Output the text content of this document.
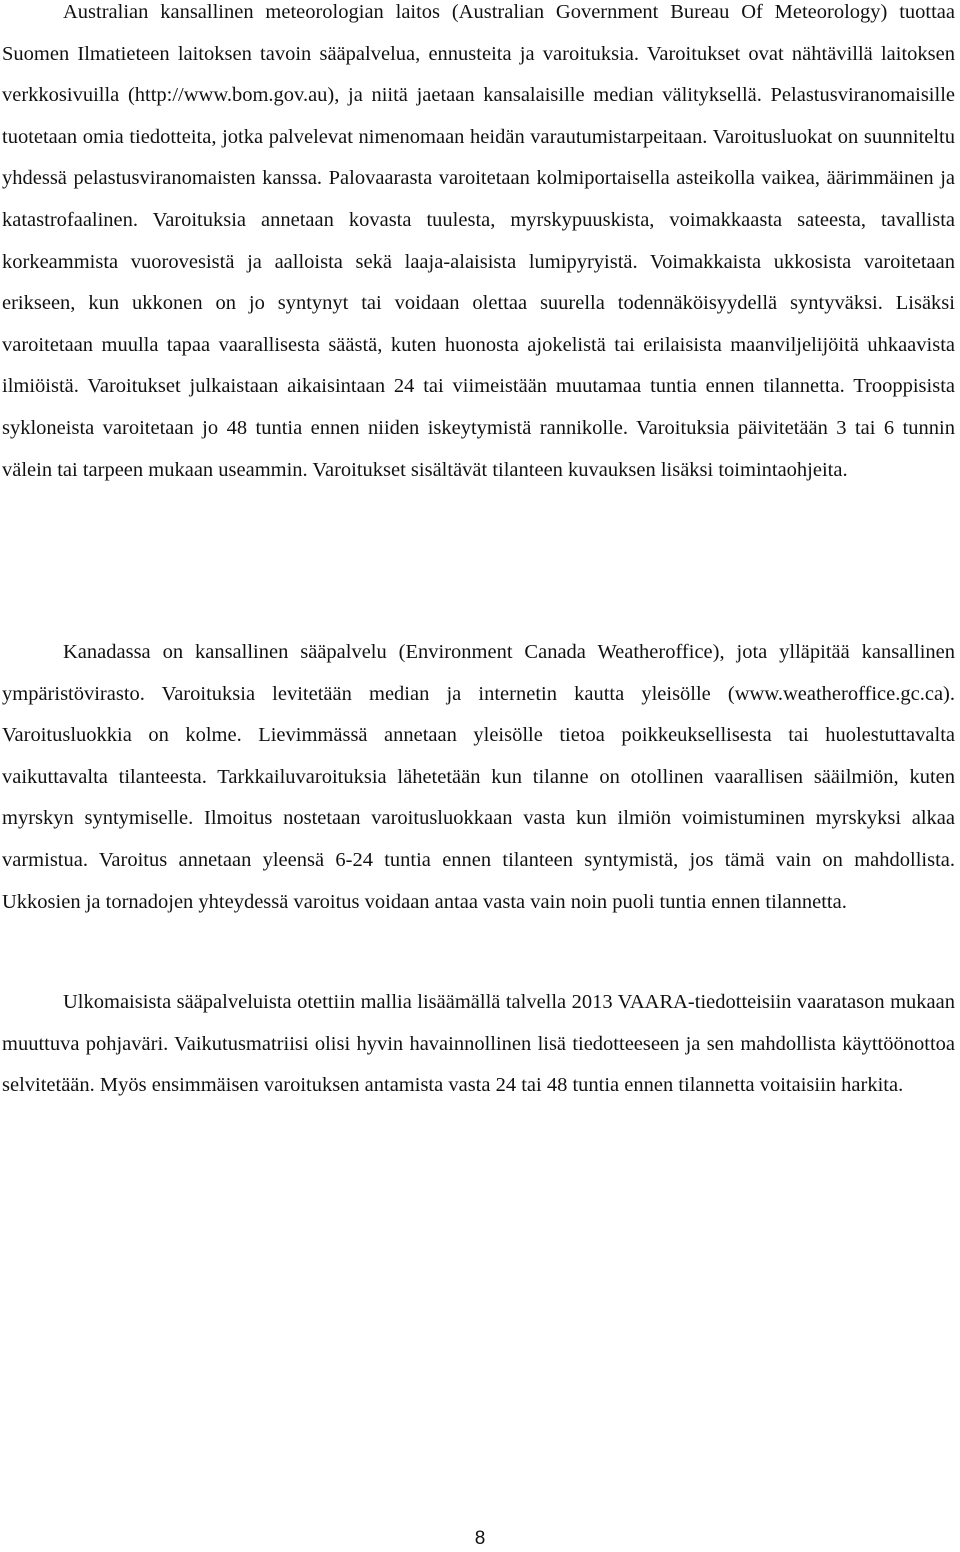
Australian kansallinen meteorologian laitos (Australian Government Bureau Of Meteorology) tuottaa Suomen Ilmatieteen laitoksen tavoin sääpalvelua, ennusteita ja varoituksia. Varoitukset ovat nähtävillä laitoksen verkkosivuilla (http://www.bom.gov.au), ja niitä jaetaan kansalaisille median välityksellä. Pelastusviranomaisille tuotetaan omia tiedotteita, jotka palvelevat nimenomaan heidän varautumistarpeitaan. Varoitusluokat on suunniteltu yhdessä pelastusviranomaisten kanssa. Palovaarasta varoitetaan kolmiportaisella asteikolla vaikea, äärimmäinen ja katastrofaalinen. Varoituksia annetaan kovasta tuulesta, myrskypuuskista, voimakkaasta sateesta, tavallista korkeammista vuorovesistä ja aalloista sekä laaja-alaisista lumipyryistä. Voimakkaista ukkosista varoitetaan erikseen, kun ukkonen on jo syntynyt tai voidaan olettaa suurella todennäköisyydellä syntyväksi. Lisäksi varoitetaan muulla tapaa vaarallisesta säästä, kuten huonosta ajokelistä tai erilaisista maanviljelijöitä uhkaavista ilmiöistä. Varoitukset julkaistaan aikaisintaan 24 tai viimeistään muutamaa tuntia ennen tilannetta. Trooppisista sykloneista varoitetaan jo 48 tuntia ennen niiden iskeytymistä rannikolle. Varoituksia päivitetään 3 tai 6 tunnin välein tai tarpeen mukaan useammin. Varoitukset sisältävät tilanteen kuvauksen lisäksi toimintaohjeita.

Kanadassa on kansallinen sääpalvelu (Environment Canada Weatheroffice), jota ylläpitää kansallinen ympäristövirasto. Varoituksia levitetään median ja internetin kautta yleisölle (www.weatheroffice.gc.ca). Varoitusluokkia on kolme. Lievimmässä annetaan yleisölle tietoa poikkeuksellisesta tai huolestuttavalta vaikuttavalta tilanteesta. Tarkkailuvaroituksia lähetetään kun tilanne on otollinen vaarallisen sääilmiön, kuten myrskyn syntymiselle. Ilmoitus nostetaan varoitusluokkaan vasta kun ilmiön voimistuminen myrskyksi alkaa varmistua. Varoitus annetaan yleensä 6-24 tuntia ennen tilanteen syntymistä, jos tämä vain on mahdollista. Ukkosien ja tornadojen yhteydessä varoitus voidaan antaa vasta vain noin puoli tuntia ennen tilannetta.

Ulkomaisista sääpalveluista otettiin mallia lisäämällä talvella 2013 VAARA-tiedotteisiin vaaratason mukaan muuttuva pohjaväri. Vaikutusmatriisi olisi hyvin havainnollinen lisä tiedotteeseen ja sen mahdollista käyttöönottoa selvitetään. Myös ensimmäisen varoituksen antamista vasta 24 tai 48 tuntia ennen tilannetta voitaisiin harkita.

8
